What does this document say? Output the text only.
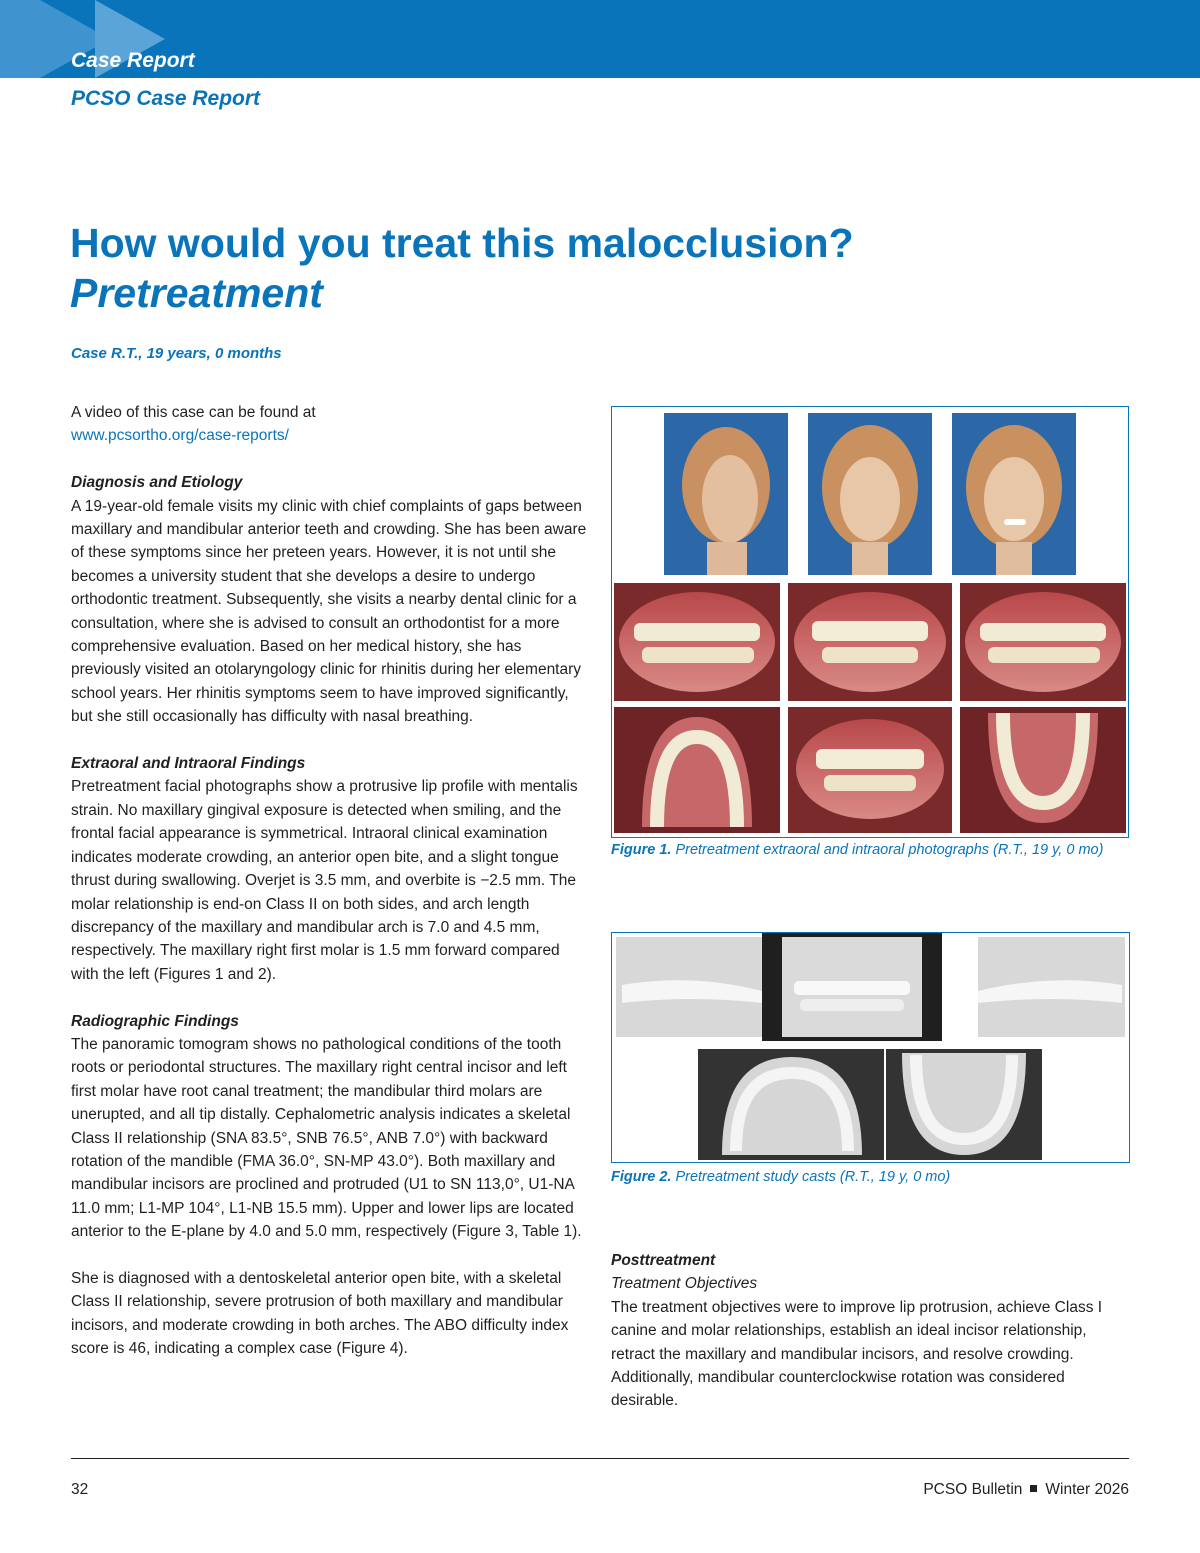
Case Report
PCSO Case Report
How would you treat this malocclusion?
Pretreatment
Case R.T., 19 years, 0 months

A video of this case can be found at
www.pcsortho.org/case-reports/

Diagnosis and Etiology
A 19-year-old female visits my clinic with chief complaints of gaps between maxillary and mandibular anterior teeth and crowding. She has been aware of these symptoms since her preteen years. However, it is not until she becomes a university student that she develops a desire to undergo orthodontic treatment. Subsequently, she visits a nearby dental clinic for a consultation, where she is advised to consult an orthodontist for a more comprehensive evaluation. Based on her medical history, she has previously visited an otolaryngology clinic for rhinitis during her elementary school years. Her rhinitis symptoms seem to have improved significantly, but she still occasionally has difficulty with nasal breathing.

Extraoral and Intraoral Findings
Pretreatment facial photographs show a protrusive lip profile with mentalis strain. No maxillary gingival exposure is detected when smiling, and the frontal facial appearance is symmetrical. Intraoral clinical examination indicates moderate crowding, an anterior open bite, and a slight tongue thrust during swallowing. Overjet is 3.5 mm, and overbite is −2.5 mm. The molar relationship is end-on Class II on both sides, and arch length discrepancy of the maxillary and mandibular arch is 7.0 and 4.5 mm, respectively. The maxillary right first molar is 1.5 mm forward compared with the left (Figures 1 and 2).

Radiographic Findings
The panoramic tomogram shows no pathological conditions of the tooth roots or periodontal structures. The maxillary right central incisor and left first molar have root canal treatment; the mandibular third molars are unerupted, and all tip distally. Cephalometric analysis indicates a skeletal Class II relationship (SNA 83.5°, SNB 76.5°, ANB 7.0°) with backward rotation of the mandible (FMA 36.0°, SN-MP 43.0°). Both maxillary and mandibular incisors are proclined and protruded (U1 to SN 113,0°, U1-NA 11.0 mm; L1-MP 104°, L1-NB 15.5 mm). Upper and lower lips are located anterior to the E-plane by 4.0 and 5.0 mm, respectively (Figure 3, Table 1).

She is diagnosed with a dentoskeletal anterior open bite, with a skeletal Class II relationship, severe protrusion of both maxillary and mandibular incisors, and moderate crowding in both arches. The ABO difficulty index score is 46, indicating a complex case (Figure 4).

Figure 1. Pretreatment extraoral and intraoral photographs (R.T., 19 y, 0 mo)
Figure 2. Pretreatment study casts (R.T., 19 y, 0 mo)
Posttreatment
Treatment Objectives
The treatment objectives were to improve lip protrusion, achieve Class I canine and molar relationships, establish an ideal incisor relationship, retract the maxillary and mandibular incisors, and resolve crowding. Additionally, mandibular counterclockwise rotation was considered desirable.
32	PCSO Bulletin Winter 2026
